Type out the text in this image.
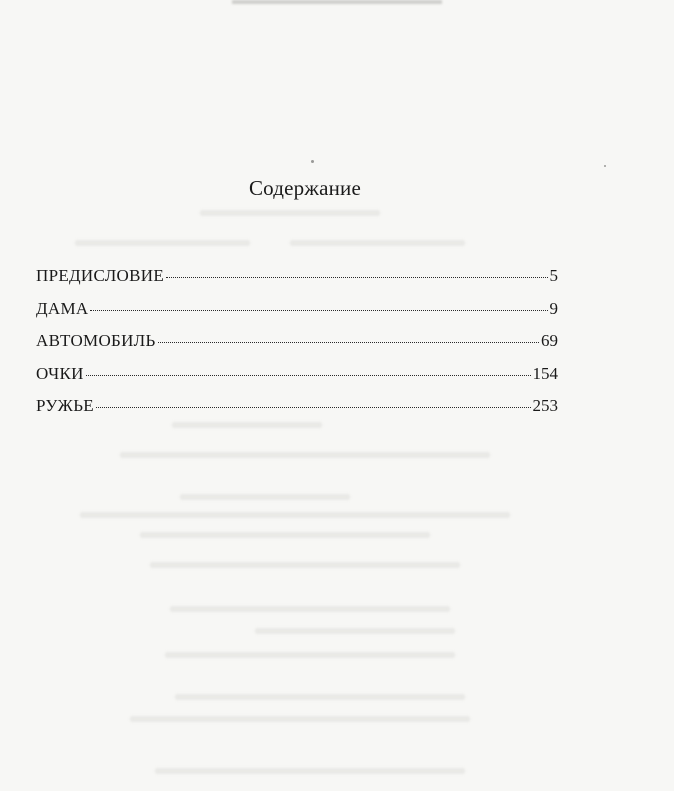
Содержание
ПРЕДИСЛОВИЕ	5
ДАМА	9
АВТОМОБИЛЬ	69
ОЧКИ	154
РУЖЬЕ	253
